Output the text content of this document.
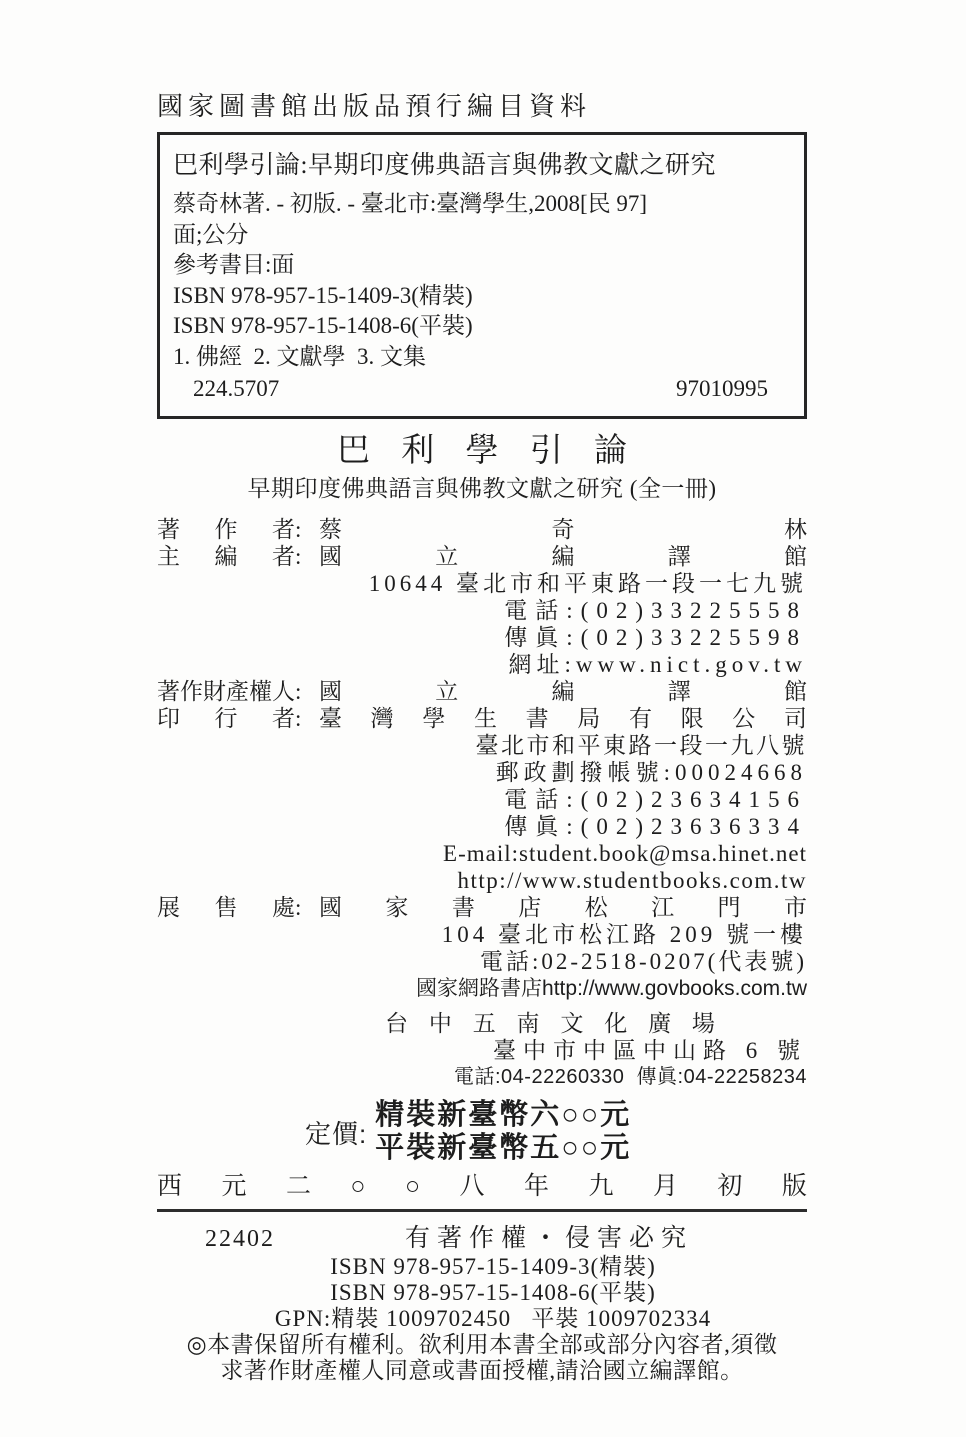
國家圖書館出版品預行編目資料
巴利學引論:早期印度佛典語言與佛教文獻之研究
蔡奇林著. - 初版. - 臺北市:臺灣學生,2008[民 97]
面;公分
參考書目:面
ISBN 978-957-15-1409-3(精裝)
ISBN 978-957-15-1408-6(平裝)
1. 佛經  2. 文獻學  3. 文集
224.5707	97010995
巴 利 學 引 論
早期印度佛典語言與佛教文獻之研究 (全一冊)
著 作 者 : 蔡	奇	林
主 編 者 : 國	立	編	譯	館
10644 臺北市和平東路一段一七九號
電話:(02)33225558
傳眞:(02)33225598
網址:www.nict.gov.tw
著 作 財 產 權 人 : 國	立	編	譯	館
印 行 者 : 臺 灣 學 生 書 局 有 限 公 司
臺北市和平東路一段一九八號
郵政劃撥帳號:00024668
電話:(02)23634156
傳眞:(02)23636334
E-mail:student.book@msa.hinet.net
http://www.studentbooks.com.tw
展 售 處 : 國 家 書 店 松 江 門 市
104 臺北市松江路 209 號一樓
電話:02-2518-0207(代表號)
國家網路書店http://www.govbooks.com.tw
台 中 五 南 文 化 廣 場
臺中市中區中山路 6 號
電話:04-22260330  傳眞:04-22258234
定價:
精裝新臺幣六○○元
平裝新臺幣五○○元
西 元 二 ○ ○ 八 年 九 月 初 版
22402	有著作權・侵害必究
ISBN 978-957-15-1409-3(精裝)
ISBN 978-957-15-1408-6(平裝)
GPN:精裝 1009702450   平裝 1009702334
◎本書保留所有權利。欲利用本書全部或部分內容者,須徵
求著作財產權人同意或書面授權,請洽國立編譯館。
